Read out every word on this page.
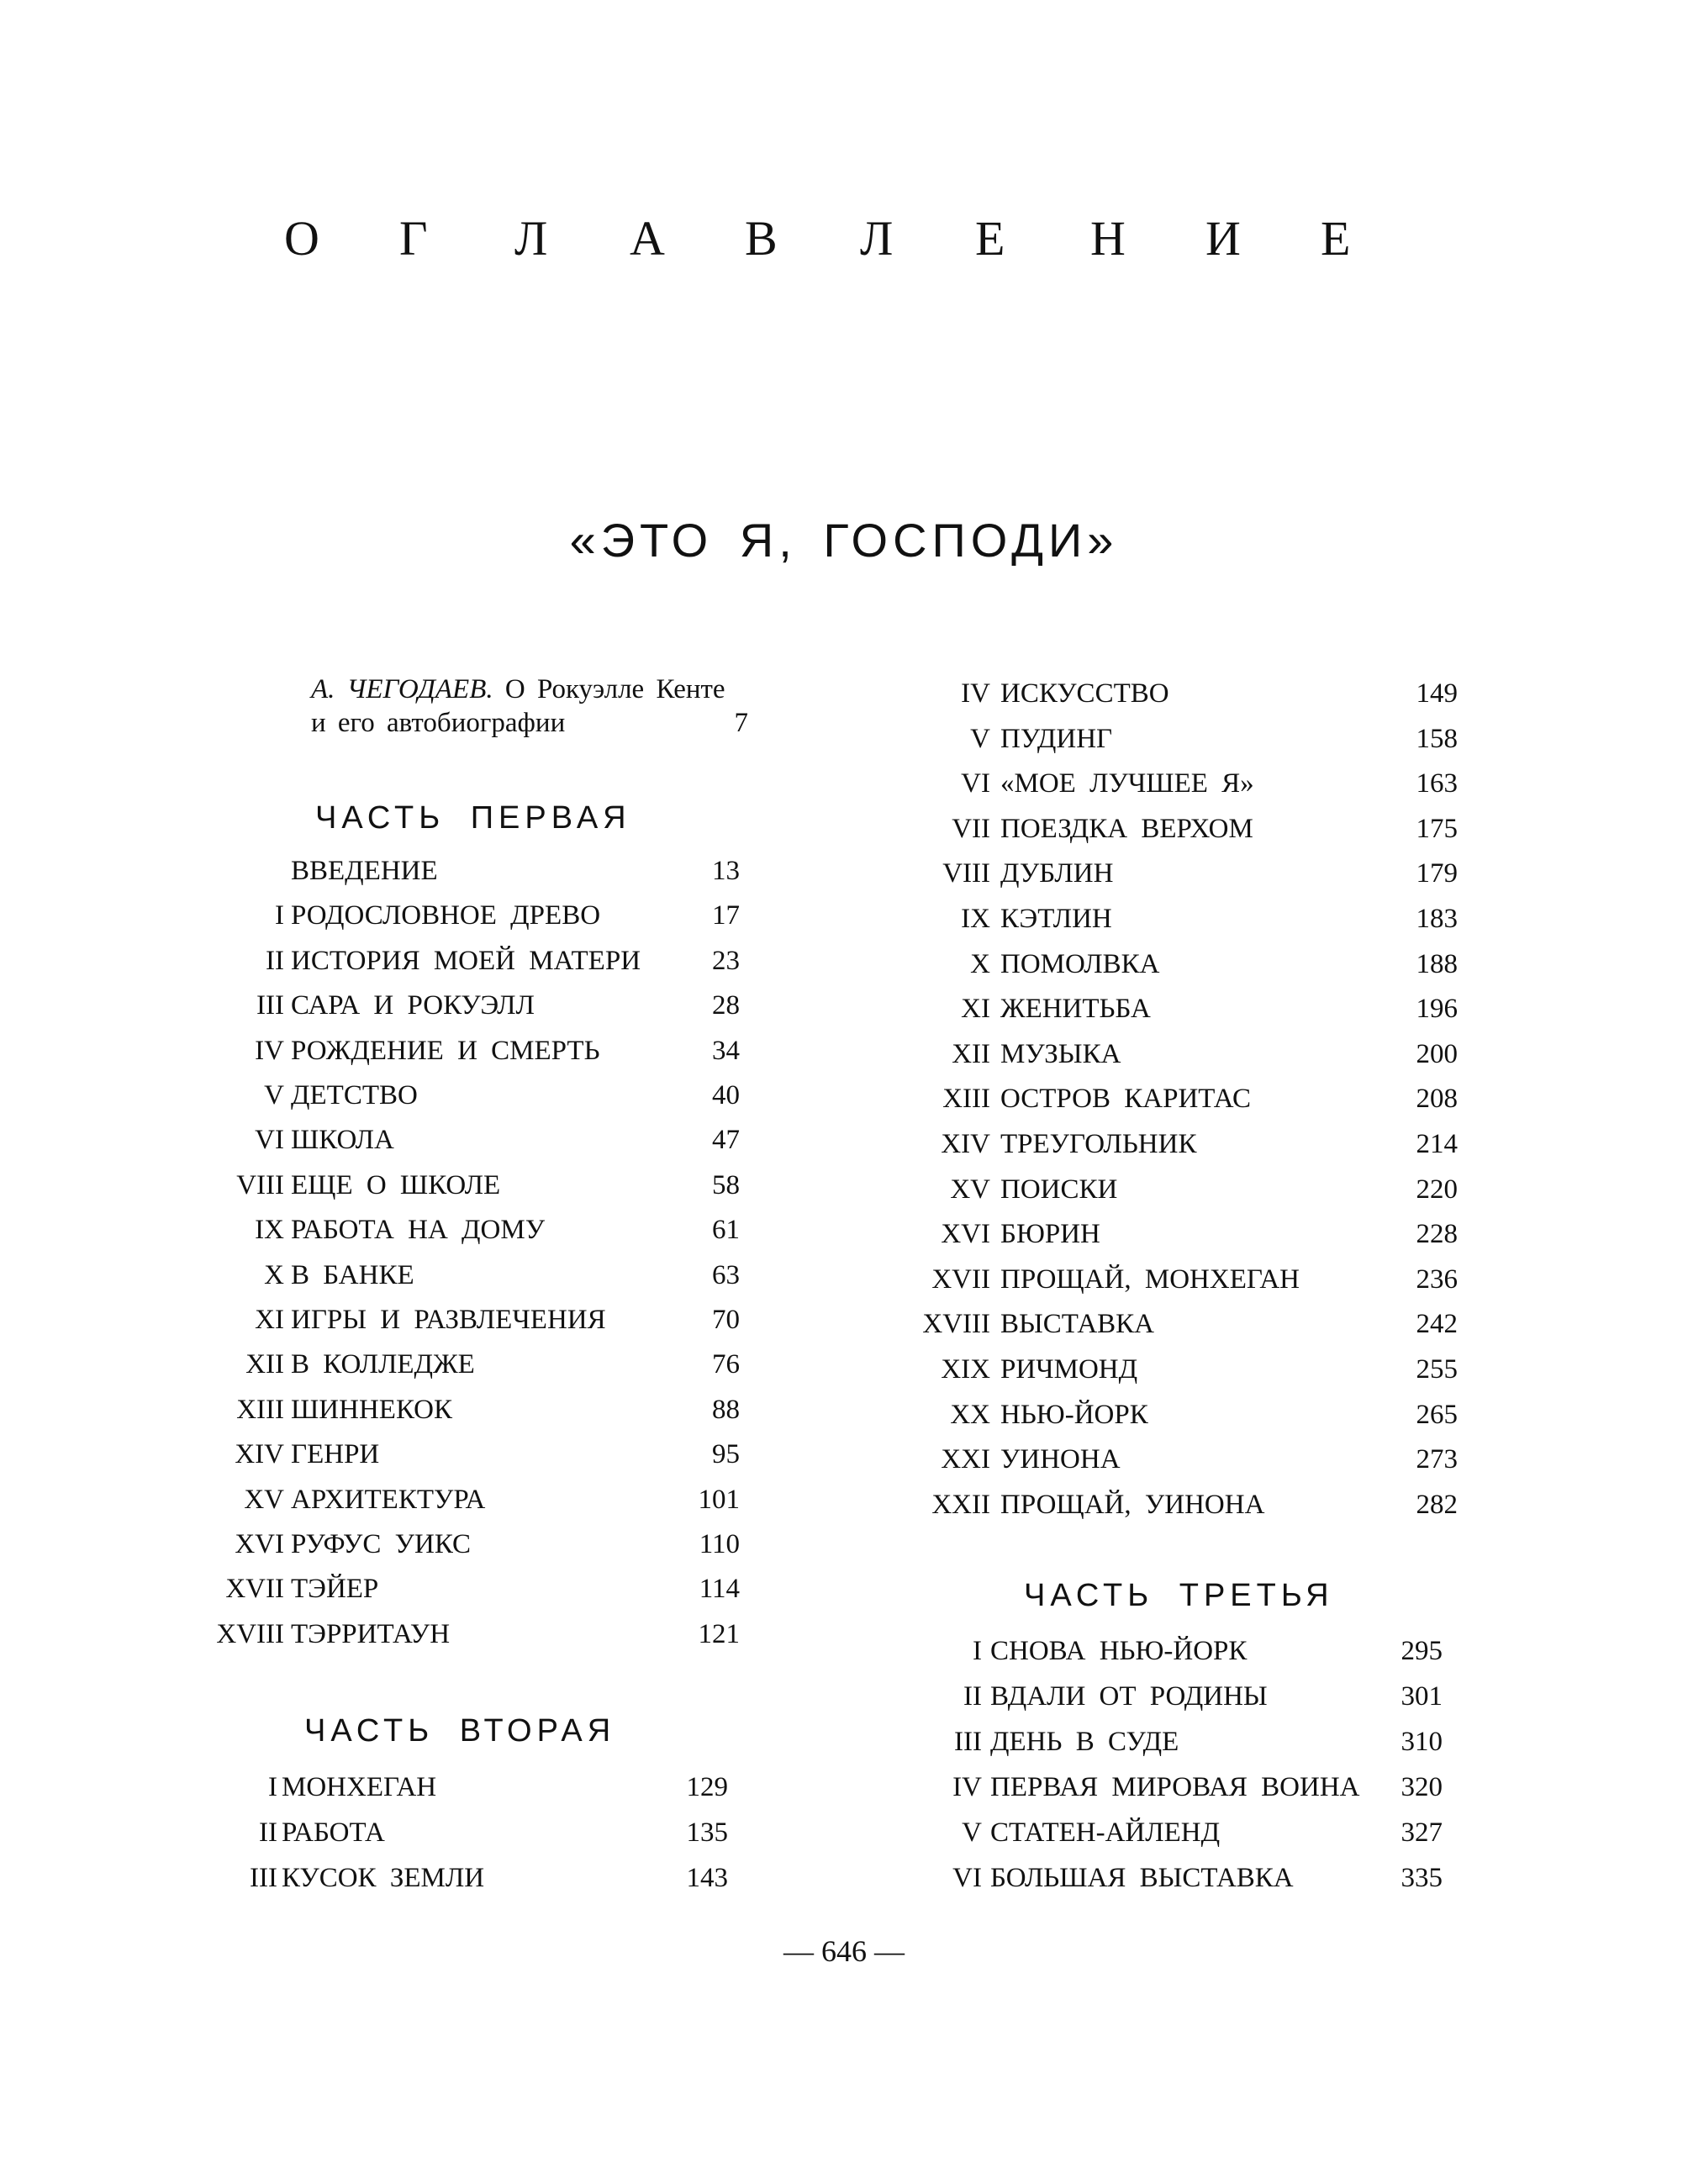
О Г Л А В Л Е Н И Е
«ЭТО Я, ГОСПОДИ»
А. ЧЕГОДАЕВ. О Рокуэлле Кенте
и его автобиографии	7
ЧАСТЬ ПЕРВАЯ
ЧАСТЬ ВТОРАЯ
ЧАСТЬ ТРЕТЬЯ
ВВЕДЕНИЕ	13
I РОДОСЛОВНОЕ ДРЕВО	17
II ИСТОРИЯ МОЕЙ МАТЕРИ	23
III САРА И РОКУЭЛЛ	28
IV РОЖДЕНИЕ И СМЕРТЬ	34
V ДЕТСТВО	40
VI ШКОЛА	47
VIII ЕЩЕ О ШКОЛЕ	58
IX РАБОТА НА ДОМУ	61
X В БАНКЕ	63
XI ИГРЫ И РАЗВЛЕЧЕНИЯ	70
XII В КОЛЛЕДЖЕ	76
XIII ШИННЕКОК	88
XIV ГЕНРИ	95
XV АРХИТЕКТУРА	101
XVI РУФУС УИКС	110
XVII ТЭЙЕР	114
XVIII ТЭРРИТАУН	121
I МОНХЕГАН	129
II РАБОТА	135
III КУСОК ЗЕМЛИ	143
IV ИСКУССТВО	149
V ПУДИНГ	158
VI «МОЕ ЛУЧШЕЕ Я»	163
VII ПОЕЗДКА ВЕРХОМ	175
VIII ДУБЛИН	179
IX КЭТЛИН	183
X ПОМОЛВКА	188
XI ЖЕНИТЬБА	196
XII МУЗЫКА	200
XIII ОСТРОВ КАРИТАС	208
XIV ТРЕУГОЛЬНИК	214
XV ПОИСКИ	220
XVI БЮРИН	228
XVII ПРОЩАЙ, МОНХЕГАН	236
XVIII ВЫСТАВКА	242
XIX РИЧМОНД	255
XX НЬЮ-ЙОРК	265
XXI УИНОНА	273
XXII ПРОЩАЙ, УИНОНА	282
I СНОВА НЬЮ-ЙОРК	295
II ВДАЛИ ОТ РОДИНЫ	301
III ДЕНЬ В СУДЕ	310
IV ПЕРВАЯ МИРОВАЯ ВОИНА 320
V СТАТЕН-АЙЛЕНД	327
VI БОЛЬШАЯ ВЫСТАВКА	335
— 646 —
